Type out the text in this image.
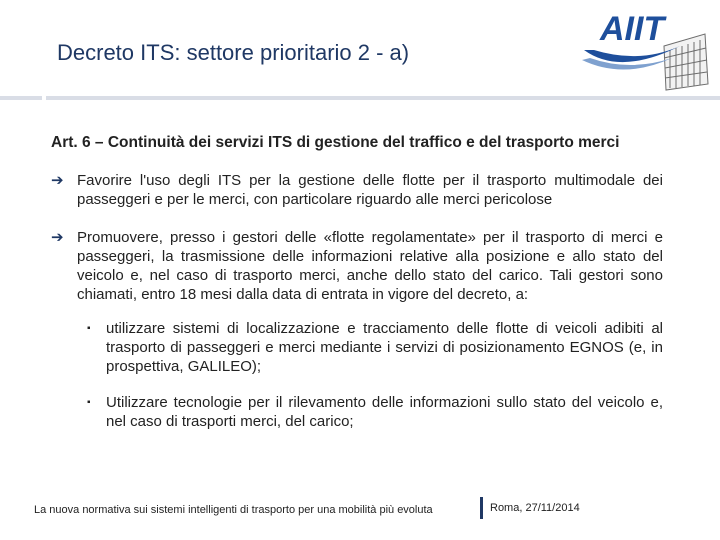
Decreto ITS: settore prioritario 2 - a)
AIIT
Art. 6 – Continuità dei servizi ITS di gestione del traffico e del trasporto merci
➔ Favorire l'uso degli ITS per la gestione delle flotte per il trasporto multimodale dei passeggeri e per le merci, con particolare riguardo alle merci pericolose
➔ Promuovere, presso i gestori delle «flotte regolamentate» per il trasporto di merci e passeggeri, la trasmissione delle informazioni relative alla posizione e allo stato del veicolo e, nel caso di trasporto merci, anche dello stato del carico. Tali gestori sono chiamati, entro 18 mesi dalla data di entrata in vigore del decreto, a:
▪ utilizzare sistemi di localizzazione e tracciamento delle flotte di veicoli adibiti al trasporto di passeggeri e merci mediante i servizi di posizionamento EGNOS (e, in prospettiva, GALILEO);
▪ Utilizzare tecnologie per il rilevamento delle informazioni sullo stato del veicolo e, nel caso di trasporti merci, del carico;
La nuova normativa sui sistemi intelligenti di trasporto per una mobilità più evoluta	Roma, 27/11/2014
